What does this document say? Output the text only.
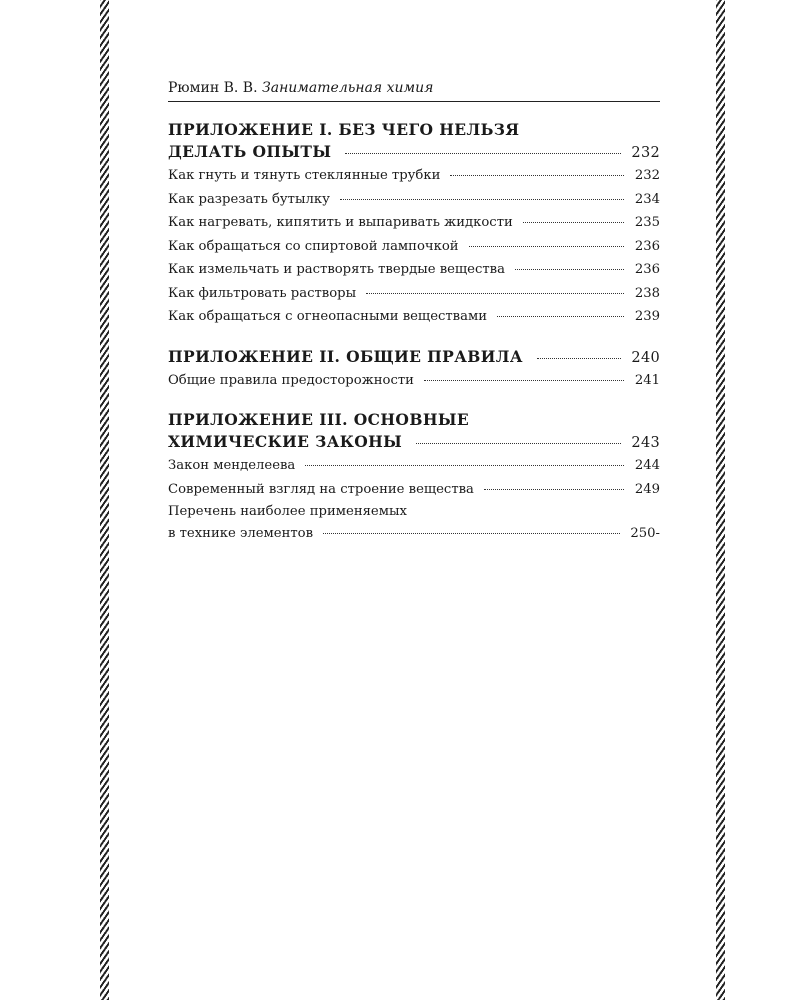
Рюмин В. В. Занимательная химия
ПРИЛОЖЕНИЕ I. БЕЗ ЧЕГО НЕЛЬЗЯ
ДЕЛАТЬ ОПЫТЫ	232
Как гнуть и тянуть стеклянные трубки	232
Как разрезать бутылку	234
Как нагревать, кипятить и выпаривать жидкости	235
Как обращаться со спиртовой лампочкой	236
Как измельчать и растворять твердые вещества	236
Как фильтровать растворы	238
Как обращаться с огнеопасными веществами	239
ПРИЛОЖЕНИЕ II. ОБЩИЕ ПРАВИЛА	240
Общие правила предосторожности	241
ПРИЛОЖЕНИЕ III. ОСНОВНЫЕ
ХИМИЧЕСКИЕ ЗАКОНЫ	243
Закон менделеева	244
Современный взгляд на строение вещества	249
Перечень наиболее применяемых
в технике элементов	250-
